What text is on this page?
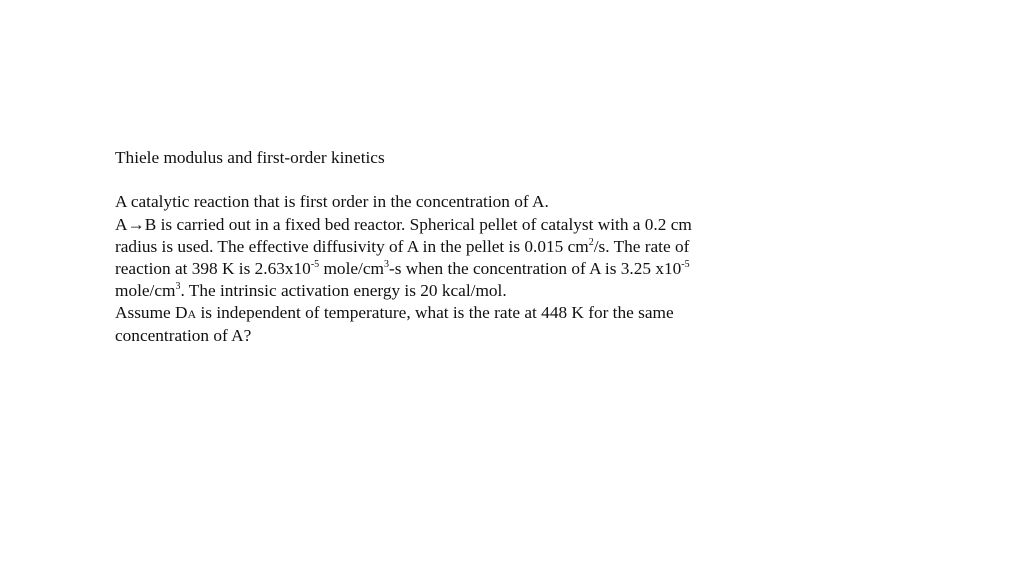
Thiele modulus and first-order kinetics
A catalytic reaction that is first order in the concentration of A.
A→B is carried out in a fixed bed reactor. Spherical pellet of catalyst with a 0.2 cm
radius is used. The effective diffusivity of A in the pellet is 0.015 $cm^2/s$. The rate of
reaction at 398 K is $2.63x10^{-5}$ mole/$cm^3-s$ when the concentration of A is 3.25 $x10^{-5}$
mole/$cm^3$. The intrinsic activation energy is 20 kcal/mol.
Assume DA is independent of temperature, what is the rate at 448 K for the same
concentration of A?
